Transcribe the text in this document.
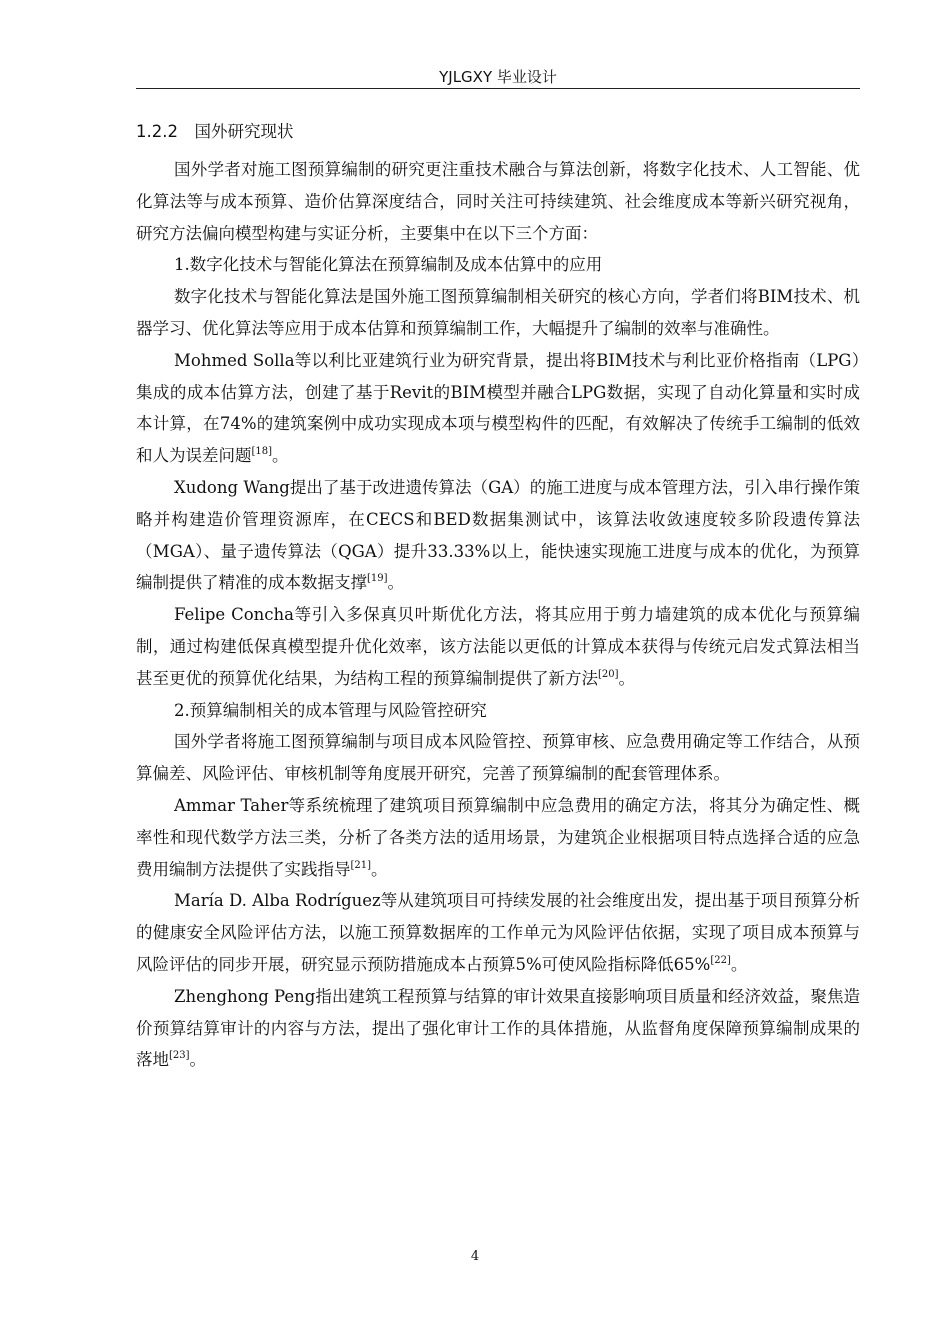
YJLGXY 毕业设计
1.2.2　国外研究现状

国外学者对施工图预算编制的研究更注重技术融合与算法创新，将数字化技术、人工智能、优化算法等与成本预算、造价估算深度结合，同时关注可持续建筑、社会维度成本等新兴研究视角，研究方法偏向模型构建与实证分析，主要集中在以下三个方面：

1.数字化技术与智能化算法在预算编制及成本估算中的应用

数字化技术与智能化算法是国外施工图预算编制相关研究的核心方向，学者们将BIM技术、机器学习、优化算法等应用于成本估算和预算编制工作，大幅提升了编制的效率与准确性。

Mohmed Solla等以利比亚建筑行业为研究背景，提出将BIM技术与利比亚价格指南（LPG）集成的成本估算方法，创建了基于Revit的BIM模型并融合LPG数据，实现了自动化算量和实时成本计算，在74%的建筑案例中成功实现成本项与模型构件的匹配，有效解决了传统手工编制的低效和人为误差问题[18]。

Xudong Wang提出了基于改进遗传算法（GA）的施工进度与成本管理方法，引入串行操作策略并构建造价管理资源库，在CECS和BED数据集测试中，该算法收敛速度较多阶段遗传算法（MGA）、量子遗传算法（QGA）提升33.33%以上，能快速实现施工进度与成本的优化，为预算编制提供了精准的成本数据支撑[19]。

Felipe Concha等引入多保真贝叶斯优化方法，将其应用于剪力墙建筑的成本优化与预算编制，通过构建低保真模型提升优化效率，该方法能以更低的计算成本获得与传统元启发式算法相当甚至更优的预算优化结果，为结构工程的预算编制提供了新方法[20]。

2.预算编制相关的成本管理与风险管控研究

国外学者将施工图预算编制与项目成本风险管控、预算审核、应急费用确定等工作结合，从预算偏差、风险评估、审核机制等角度展开研究，完善了预算编制的配套管理体系。

Ammar Taher等系统梳理了建筑项目预算编制中应急费用的确定方法，将其分为确定性、概率性和现代数学方法三类，分析了各类方法的适用场景，为建筑企业根据项目特点选择合适的应急费用编制方法提供了实践指导[21]。

María D. Alba Rodríguez等从建筑项目可持续发展的社会维度出发，提出基于项目预算分析的健康安全风险评估方法，以施工预算数据库的工作单元为风险评估依据，实现了项目成本预算与风险评估的同步开展，研究显示预防措施成本占预算5%可使风险指标降低65%[22]。

Zhenghong Peng指出建筑工程预算与结算的审计效果直接影响项目质量和经济效益，聚焦造价预算结算审计的内容与方法，提出了强化审计工作的具体措施，从监督角度保障预算编制成果的落地[23]。

4
